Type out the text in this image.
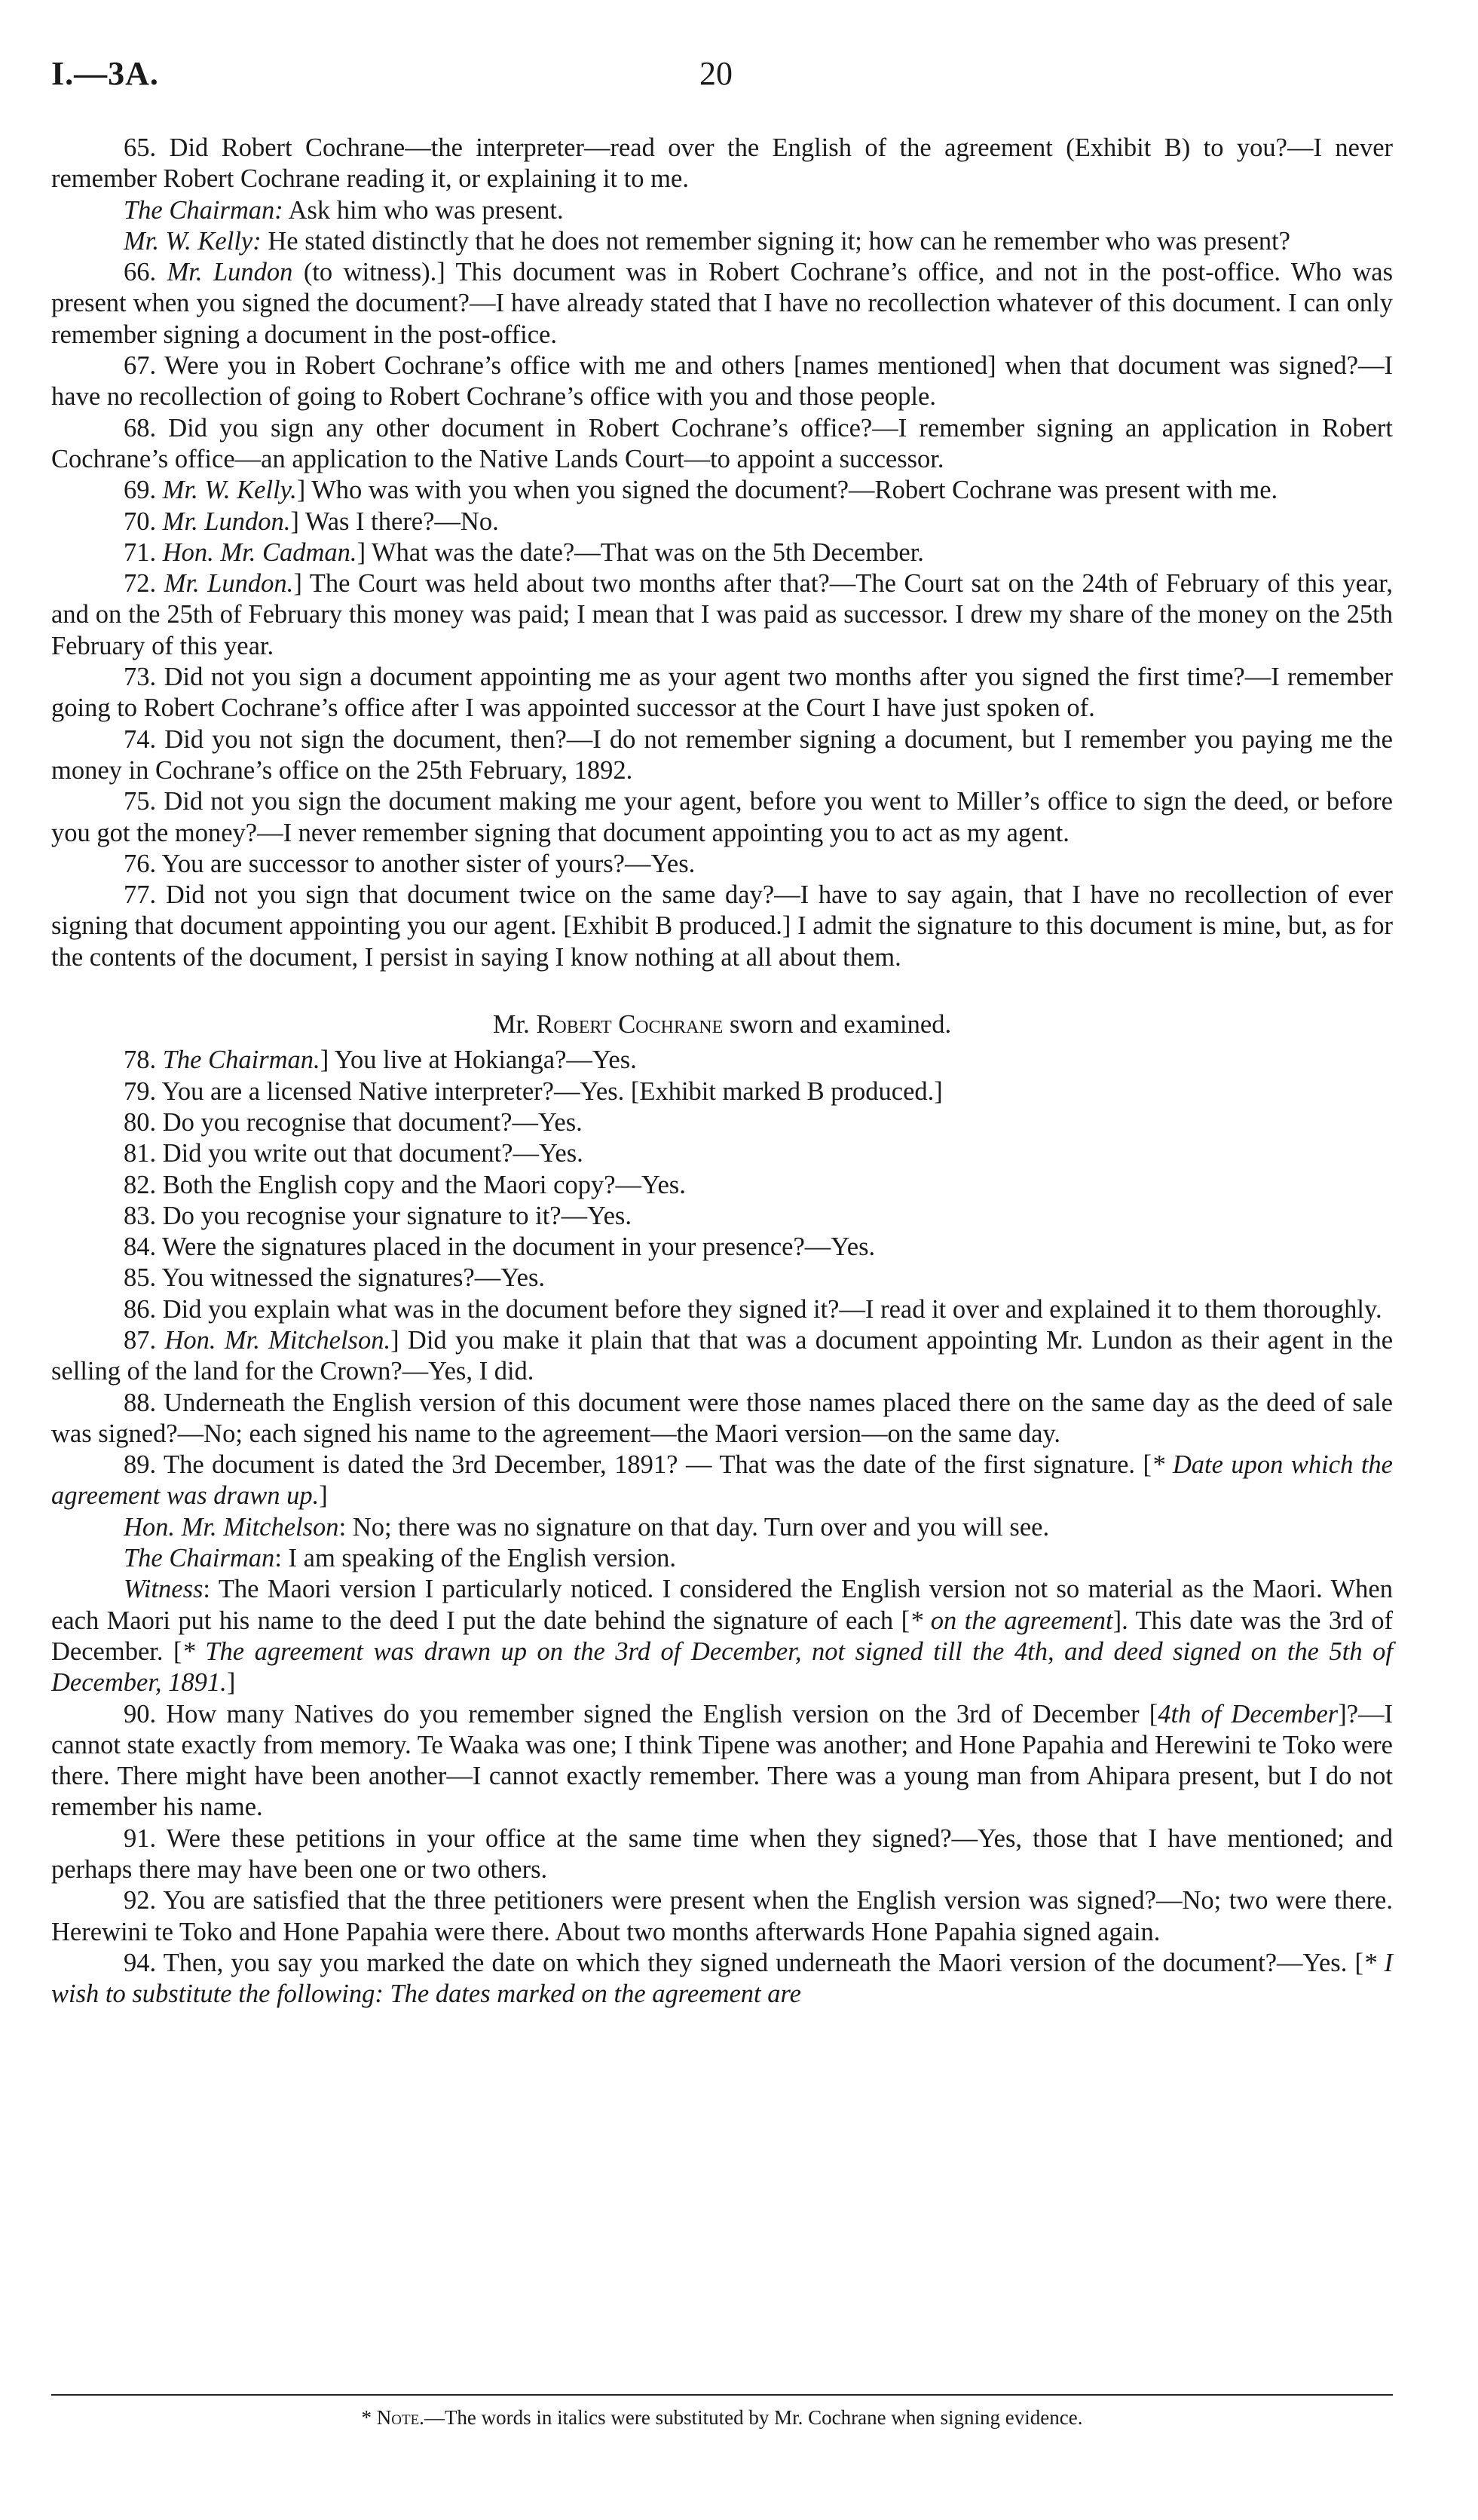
I.—3A.	20

65. Did Robert Cochrane—the interpreter—read over the English of the agreement (Exhibit B) to you?—I never remember Robert Cochrane reading it, or explaining it to me.

The Chairman: Ask him who was present.

Mr. W. Kelly: He stated distinctly that he does not remember signing it; how can he remember who was present?

66. Mr. Lundon (to witness).] This document was in Robert Cochrane’s office, and not in the post-office. Who was present when you signed the document?—I have already stated that I have no recollection whatever of this document. I can only remember signing a document in the post-office.

67. Were you in Robert Cochrane’s office with me and others [names mentioned] when that document was signed?—I have no recollection of going to Robert Cochrane’s office with you and those people.

68. Did you sign any other document in Robert Cochrane’s office?—I remember signing an application in Robert Cochrane’s office—an application to the Native Lands Court—to appoint a successor.

69. Mr. W. Kelly.] Who was with you when you signed the document?—Robert Cochrane was present with me.

70. Mr. Lundon.] Was I there?—No.

71. Hon. Mr. Cadman.] What was the date?—That was on the 5th December.

72. Mr. Lundon.] The Court was held about two months after that?—The Court sat on the 24th of February of this year, and on the 25th of February this money was paid; I mean that I was paid as successor. I drew my share of the money on the 25th February of this year.

73. Did not you sign a document appointing me as your agent two months after you signed the first time?—I remember going to Robert Cochrane’s office after I was appointed successor at the Court I have just spoken of.

74. Did you not sign the document, then?—I do not remember signing a document, but I remember you paying me the money in Cochrane’s office on the 25th February, 1892.

75. Did not you sign the document making me your agent, before you went to Miller’s office to sign the deed, or before you got the money?—I never remember signing that document appointing you to act as my agent.

76. You are successor to another sister of yours?—Yes.

77. Did not you sign that document twice on the same day?—I have to say again, that I have no recollection of ever signing that document appointing you our agent. [Exhibit B produced.] I admit the signature to this document is mine, but, as for the contents of the document, I persist in saying I know nothing at all about them.

Mr. Robert Cochrane sworn and examined.

78. The Chairman.] You live at Hokianga?—Yes.

79. You are a licensed Native interpreter?—Yes. [Exhibit marked B produced.]

80. Do you recognise that document?—Yes.

81. Did you write out that document?—Yes.

82. Both the English copy and the Maori copy?—Yes.

83. Do you recognise your signature to it?—Yes.

84. Were the signatures placed in the document in your presence?—Yes.

85. You witnessed the signatures?—Yes.

86. Did you explain what was in the document before they signed it?—I read it over and explained it to them thoroughly.

87. Hon. Mr. Mitchelson.] Did you make it plain that that was a document appointing Mr. Lundon as their agent in the selling of the land for the Crown?—Yes, I did.

88. Underneath the English version of this document were those names placed there on the same day as the deed of sale was signed?—No; each signed his name to the agreement—the Maori version—on the same day.

89. The document is dated the 3rd December, 1891? — That was the date of the first signature. [* Date upon which the agreement was drawn up.]

Hon. Mr. Mitchelson: No; there was no signature on that day. Turn over and you will see.

The Chairman: I am speaking of the English version.

Witness: The Maori version I particularly noticed. I considered the English version not so material as the Maori. When each Maori put his name to the deed I put the date behind the signature of each [* on the agreement]. This date was the 3rd of December. [* The agreement was drawn up on the 3rd of December, not signed till the 4th, and deed signed on the 5th of December, 1891.]

90. How many Natives do you remember signed the English version on the 3rd of December [4th of December]?—I cannot state exactly from memory. Te Waaka was one; I think Tipene was another; and Hone Papahia and Herewini te Toko were there. There might have been another—I cannot exactly remember. There was a young man from Ahipara present, but I do not remember his name.

91. Were these petitions in your office at the same time when they signed?—Yes, those that I have mentioned; and perhaps there may have been one or two others.

92. You are satisfied that the three petitioners were present when the English version was signed?—No; two were there. Herewini te Toko and Hone Papahia were there. About two months afterwards Hone Papahia signed again.

94. Then, you say you marked the date on which they signed underneath the Maori version of the document?—Yes. [* I wish to substitute the following: The dates marked on the agreement are

* Note.—The words in italics were substituted by Mr. Cochrane when signing evidence.
